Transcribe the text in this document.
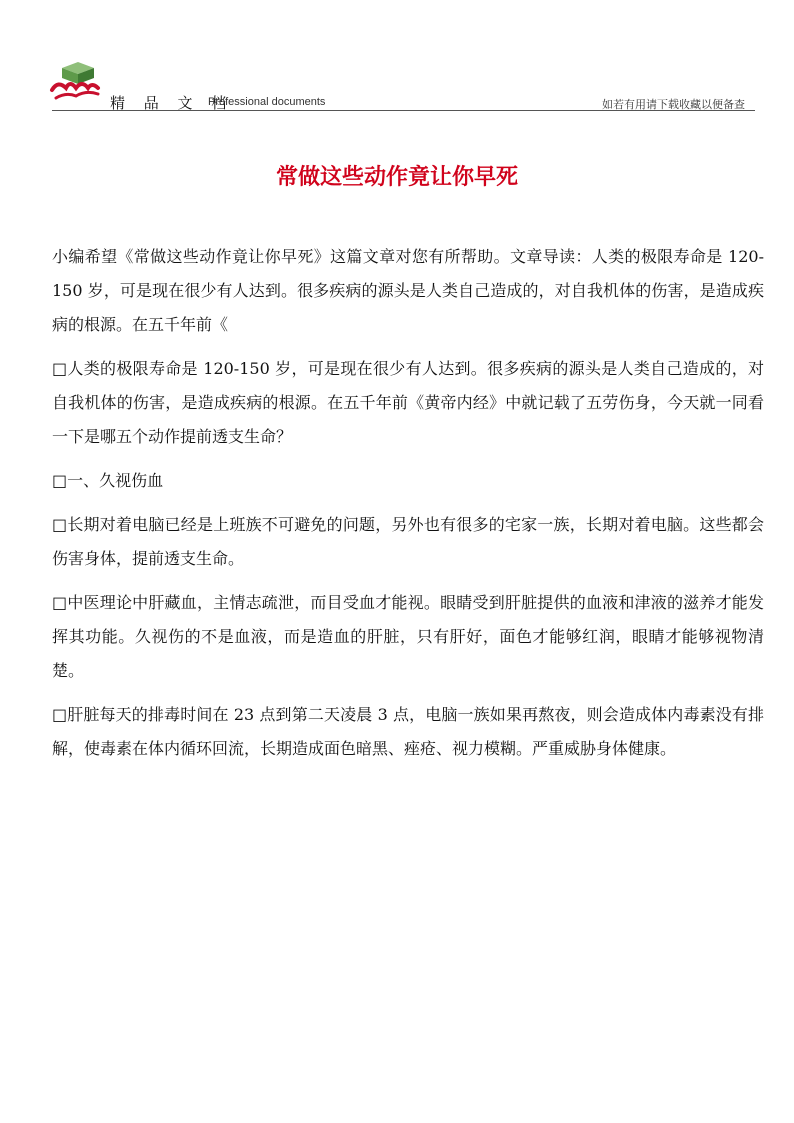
精 品 文 档
Professional documents	如若有用请下载收藏以便备查
常做这些动作竟让你早死

小编希望《常做这些动作竟让你早死》这篇文章对您有所帮助。文章导读：人类的极限寿命是 120-150 岁，可是现在很少有人达到。很多疾病的源头是人类自己造成的，对自我机体的伤害，是造成疾病的根源。在五千年前《

□人类的极限寿命是 120-150 岁，可是现在很少有人达到。很多疾病的源头是人类自己造成的，对自我机体的伤害，是造成疾病的根源。在五千年前《黄帝内经》中就记载了五劳伤身，今天就一同看一下是哪五个动作提前透支生命？

□一、久视伤血

□长期对着电脑已经是上班族不可避免的问题，另外也有很多的宅家一族，长期对着电脑。这些都会伤害身体，提前透支生命。

□中医理论中肝藏血，主情志疏泄，而目受血才能视。眼睛受到肝脏提供的血液和津液的滋养才能发挥其功能。久视伤的不是血液，而是造血的肝脏，只有肝好，面色才能够红润，眼睛才能够视物清楚。

□肝脏每天的排毒时间在 23 点到第二天凌晨 3 点，电脑一族如果再熬夜，则会造成体内毒素没有排解，使毒素在体内循环回流，长期造成面色暗黑、痤疮、视力模糊。严重威胁身体健康。
